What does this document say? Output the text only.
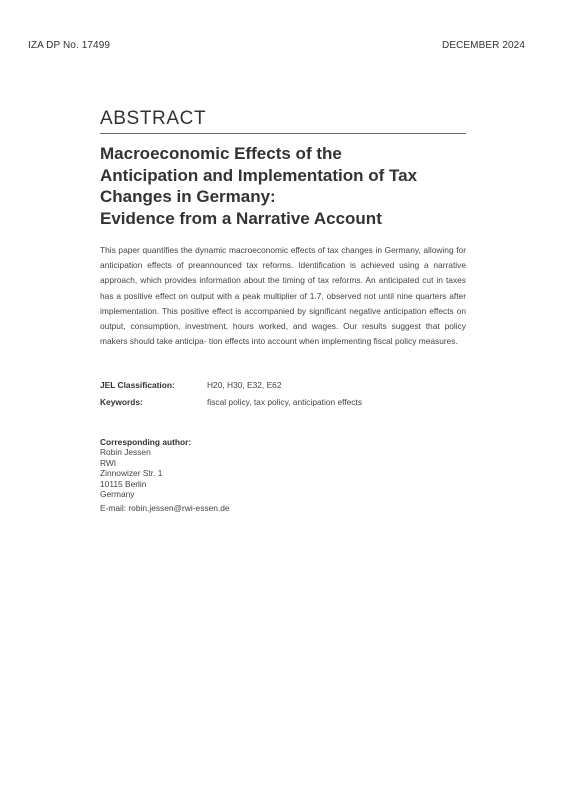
IZA DP No. 17499	DECEMBER 2024
ABSTRACT
Macroeconomic Effects of the
Anticipation and Implementation of Tax
Changes in Germany:
Evidence from a Narrative Account
This paper quantifies the dynamic macroeconomic effects of tax changes in Germany, allowing for anticipation effects of preannounced tax reforms. Identification is achieved using a narrative approach, which provides information about the timing of tax reforms. An anticipated cut in taxes has a positive effect on output with a peak multiplier of 1.7, observed not until nine quarters after implementation. This positive effect is accompanied by significant negative anticipation effects on output, consumption, investment, hours worked, and wages. Our results suggest that policy makers should take anticipa- tion effects into account when implementing fiscal policy measures.
JEL Classification:	H20, H30, E32, E62
Keywords:	fiscal policy, tax policy, anticipation effects
Corresponding author:
Robin Jessen
RWI
Zinnowizer Str. 1
10115 Berlin
Germany
E-mail: robin.jessen@rwi-essen.de
